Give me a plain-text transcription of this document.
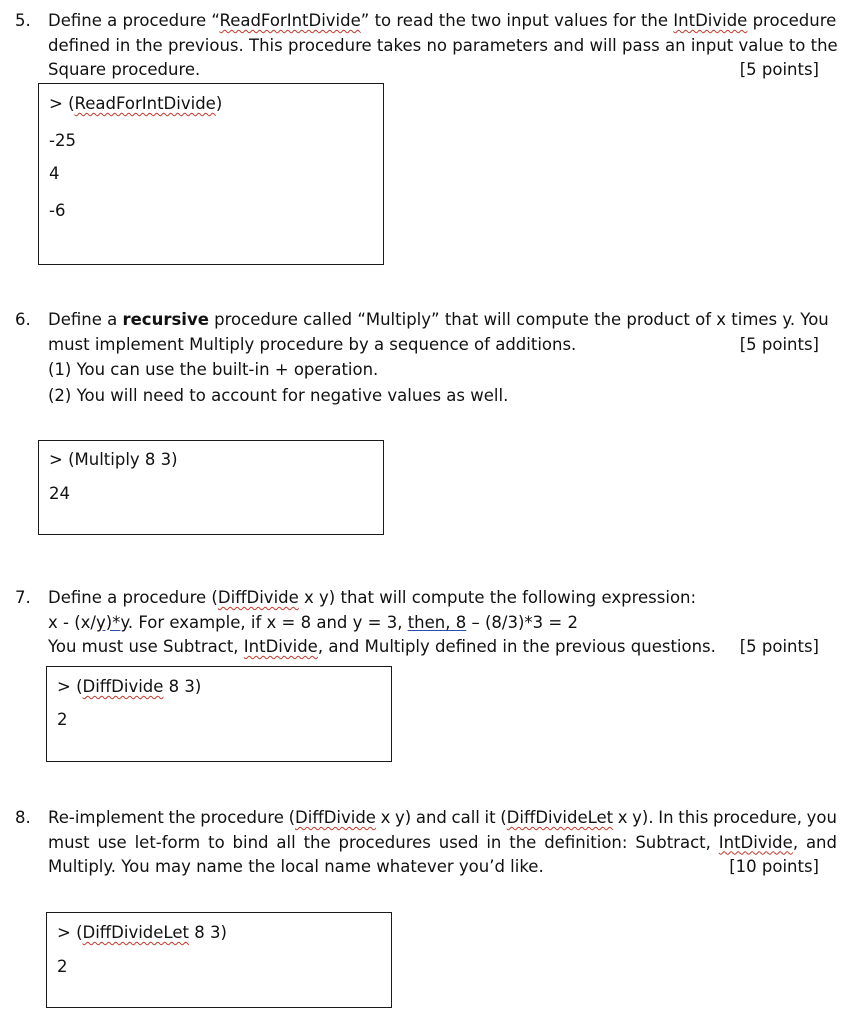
5. Define a procedure “ReadForIntDivide” to read the two input values for the IntDivide procedure
defined in the previous. This procedure takes no parameters and will pass an input value to the
Square procedure.	[5 points]
> (ReadForIntDivide)
-25
4
-6
6. Define a recursive procedure called “Multiply” that will compute the product of x times y. You
must implement Multiply procedure by a sequence of additions.	[5 points]
(1) You can use the built-in + operation.
(2) You will need to account for negative values as well.
> (Multiply 8 3)
24
7. Define a procedure (DiffDivide x y) that will compute the following expression:
x - (x/y)*y. For example, if x = 8 and y = 3, then, 8 – (8/3)*3 = 2
You must use Subtract, IntDivide, and Multiply defined in the previous questions. [5 points]
> (DiffDivide 8 3)
2
8. Re-implement the procedure (DiffDivide x y) and call it (DiffDivideLet x y). In this procedure, you
must use let-form to bind all the procedures used in the definition: Subtract, IntDivide, and
Multiply. You may name the local name whatever you’d like.	[10 points]
> (DiffDivideLet 8 3)
2
